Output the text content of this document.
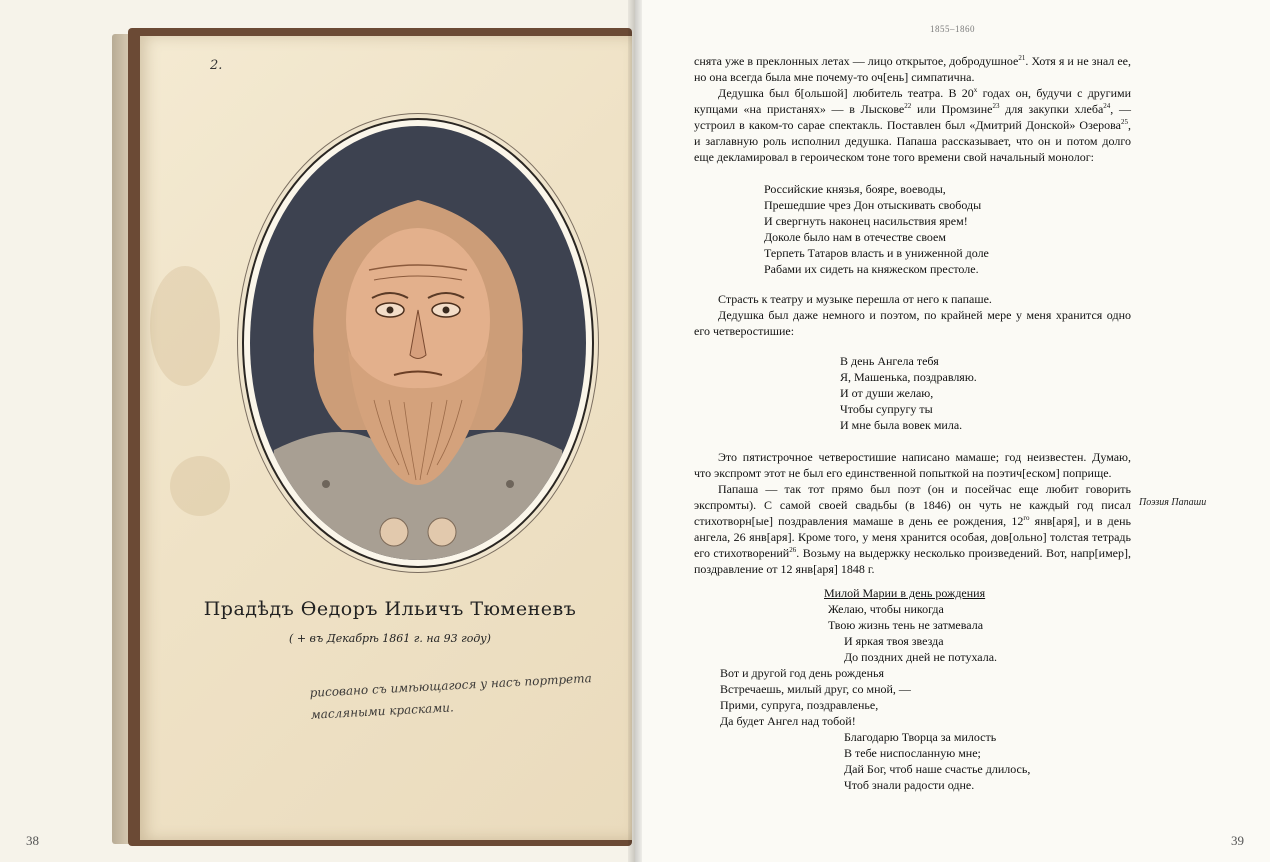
2.
Прадѣдъ Ѳедоръ Ильичъ Тюменевъ
( + въ Декабрѣ 1861 г. на 93 году)
рисовано съ имѣющагося у насъ портрета масляными красками.
38
1855–1860

снята уже в преклонных летах — лицо открытое, добродушное$^{21}$. Хотя я и не знал ее, но она всегда была мне почему-то оч[ень] симпатична.

Дедушка был б[ольшой] любитель театра. В $20^х$ годах он, будучи с другими купцами «на пристанях» — в Лыскове$^{22}$ или Промзине$^{23}$ для закупки хлеба$^{24}$, — устроил в каком-то сарае спектакль. Поставлен был «Дмитрий Донской» Озерова$^{25}$, и заглавную роль исполнил дедушка. Папаша рассказывает, что он и потом долго еще декламировал в героическом тоне того времени свой начальный монолог:

Российские князья, бояре, воеводы,
Прешедшие чрез Дон отыскивать свободы
И свергнуть наконец насильствия ярем!
Доколе было нам в отечестве своем
Терпеть Татаров власть и в униженной доле
Рабами их сидеть на княжеском престоле.

Страсть к театру и музыке перешла от него к папаше.

Дедушка был даже немного и поэтом, по крайней мере у меня хранится одно его четверостишие:

В день Ангела тебя
Я, Машенька, поздравляю.
И от души желаю,
Чтобы супругу ты
И мне была вовек мила.

Это пятистрочное четверостишие написано мамаше; год неизвестен. Думаю, что экспромт этот не был его единственной попыткой на поэтич[еском] поприще.

Папаша — так тот прямо был поэт (он и посейчас еще любит говорить экспромты). С самой своей свадьбы (в 1846) он чуть не каждый год писал стихотворн[ые] поздравления мамаше в день ее рождения, $12^{го}$ янв[аря], и в день ангела, 26 янв[аря]. Кроме того, у меня хранится особая, дов[ольно] толстая тетрадь его стихотворений$^{26}$. Возьму на выдержку несколько произведений. Вот, напр[имер], поздравление от 12 янв[аря] 1848 г.

Милой Марии в день рождения
Желаю, чтобы никогда
Твою жизнь тень не затмевала
И яркая твоя звезда
До поздних дней не потухала.
Вот и другой год день рожденья
Встречаешь, милый друг, со мной, —
Прими, супруга, поздравленье,
Да будет Ангел над тобой!
Благодарю Творца за милость
В тебе ниспосланную мне;
Дай Бог, чтоб наше счастье длилось,
Чтоб знали радости одне.
Поэзия Папаши
39
